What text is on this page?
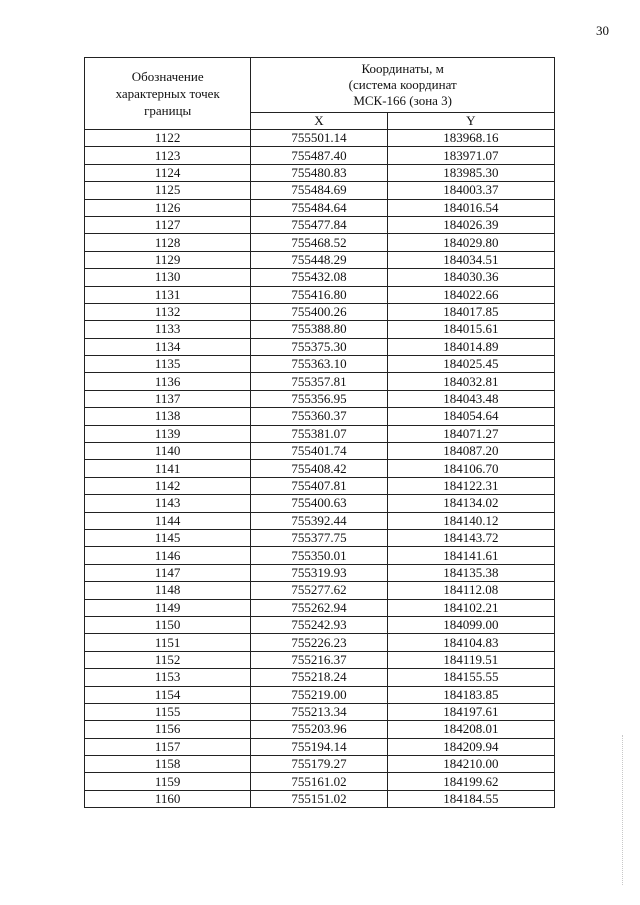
30
Обозначение характерных точек границы	Координаты, м
(система координат
МСК-166 (зона 3)	

	X	Y
1122	755501.14	183968.16
1123	755487.40	183971.07
1124	755480.83	183985.30
1125	755484.69	184003.37
1126	755484.64	184016.54
1127	755477.84	184026.39
1128	755468.52	184029.80
1129	755448.29	184034.51
1130	755432.08	184030.36
1131	755416.80	184022.66
1132	755400.26	184017.85
1133	755388.80	184015.61
1134	755375.30	184014.89
1135	755363.10	184025.45
1136	755357.81	184032.81
1137	755356.95	184043.48
1138	755360.37	184054.64
1139	755381.07	184071.27
1140	755401.74	184087.20
1141	755408.42	184106.70
1142	755407.81	184122.31
1143	755400.63	184134.02
1144	755392.44	184140.12
1145	755377.75	184143.72
1146	755350.01	184141.61
1147	755319.93	184135.38
1148	755277.62	184112.08
1149	755262.94	184102.21
1150	755242.93	184099.00
1151	755226.23	184104.83
1152	755216.37	184119.51
1153	755218.24	184155.55
1154	755219.00	184183.85
1155	755213.34	184197.61
1156	755203.96	184208.01
1157	755194.14	184209.94
1158	755179.27	184210.00
1159	755161.02	184199.62
1160	755151.02	184184.55
